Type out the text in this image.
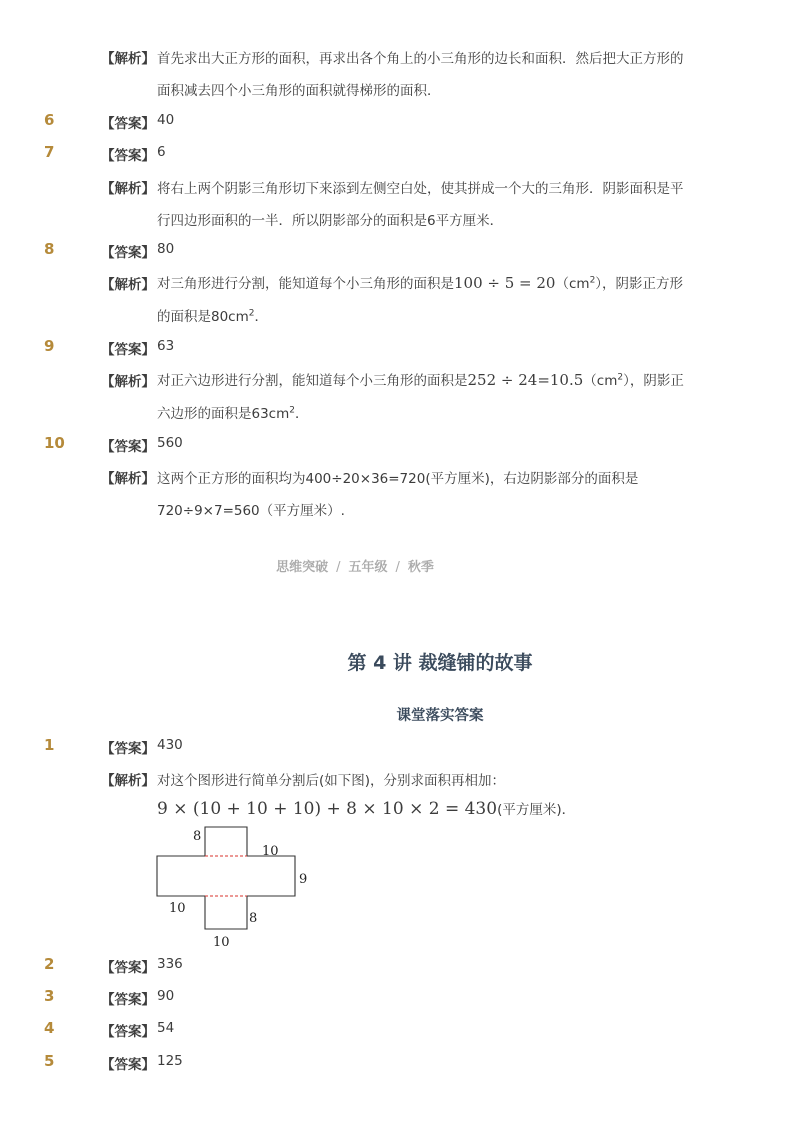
【解析】 首先求出大正方形的面积，再求出各个角上的小三角形的边长和面积．然后把大正方形的
面积减去四个小三角形的面积就得梯形的面积．
6	【答案】 40
7	【答案】 6
【解析】 将右上两个阴影三角形切下来添到左侧空白处，使其拼成一个大的三角形．阴影面积是平
行四边形面积的一半．所以阴影部分的面积是6平方厘米．
8	【答案】 80
【解析】 对三角形进行分割，能知道每个小三角形的面积是$100 \div 5 = 20(cm^2)$，阴影正方形
的面积是$80cm^2$．
9	【答案】 63
【解析】 对正六边形进行分割，能知道每个小三角形的面积是$252 \div 24=10.5(cm^2)$，阴影正
六边形的面积是$63cm^2$．
10	【答案】 560
【解析】 这两个正方形的面积均为400÷20×36=720(平方厘米)，右边阴影部分的面积是
720÷9×7=560（平方厘米）.
思维突破 / 五年级 / 秋季
第 4 讲 裁缝铺的故事
课堂落实答案
1	【答案】 430
【解析】 对这个图形进行简单分割后(如下图)，分别求面积再相加：
9 × (10 + 10 + 10) + 8 × 10 × 2 = 430(平方厘米)．
8
10
9
10
8
10
2	【答案】 336
3	【答案】 90
4	【答案】 54
5	【答案】 125
